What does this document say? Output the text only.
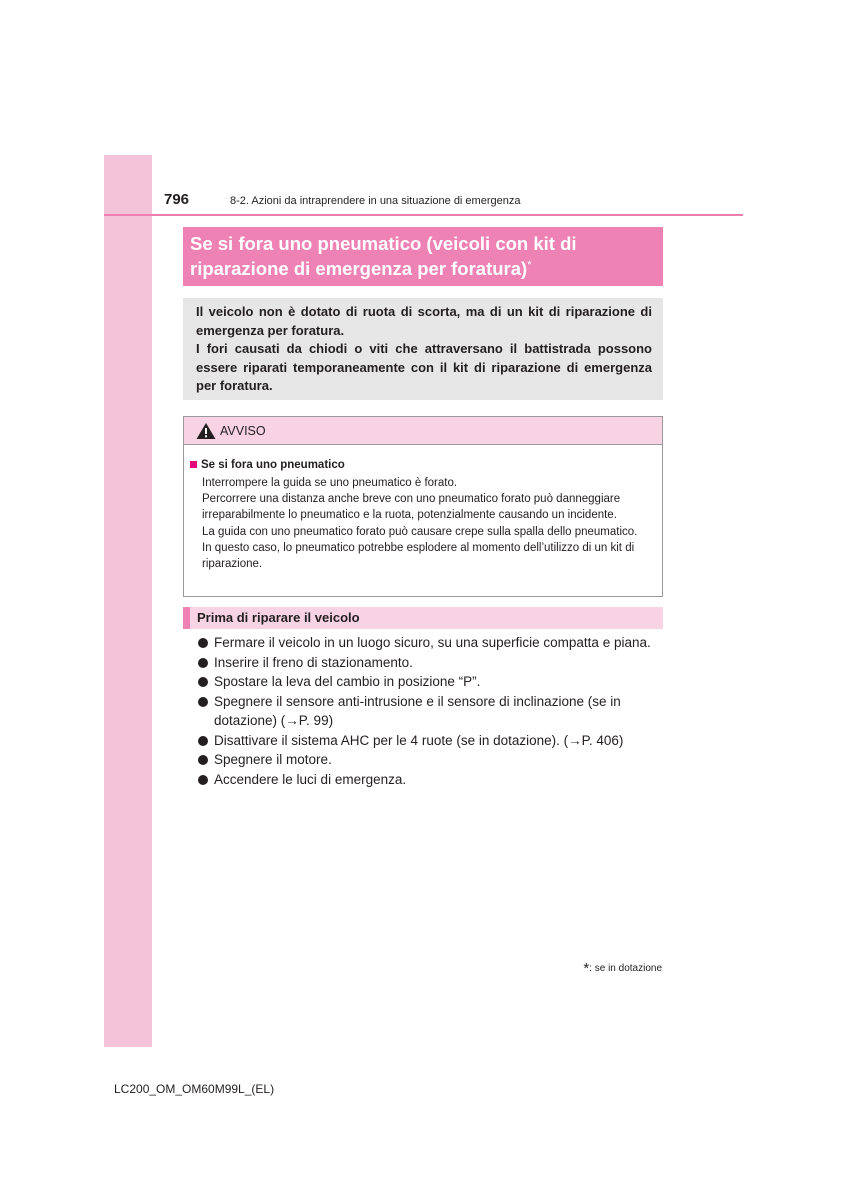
796	8-2. Azioni da intraprendere in una situazione di emergenza
Se si fora uno pneumatico (veicoli con kit di
riparazione di emergenza per foratura)*

Il veicolo non è dotato di ruota di scorta, ma di un kit di riparazione di emergenza per foratura.

I fori causati da chiodi o viti che attraversano il battistrada possono essere riparati temporaneamente con il kit di riparazione di emergenza per foratura.

AVVISO
Se si fora uno pneumatico

Interrompere la guida se uno pneumatico è forato.

Percorrere una distanza anche breve con uno pneumatico forato può danneggiare irreparabilmente lo pneumatico e la ruota, potenzialmente causando un incidente.

La guida con uno pneumatico forato può causare crepe sulla spalla dello pneumatico.

In questo caso, lo pneumatico potrebbe esplodere al momento dell’utilizzo di un kit di riparazione.

Prima di riparare il veicolo
Fermare il veicolo in un luogo sicuro, su una superficie compatta e piana.
Inserire il freno di stazionamento.
Spostare la leva del cambio in posizione “P”.
Spegnere il sensore anti-intrusione e il sensore di inclinazione (se in dotazione) (→P. 99)
Disattivare il sistema AHC per le 4 ruote (se in dotazione). (→P. 406)
Spegnere il motore.
Accendere le luci di emergenza.
*: se in dotazione
LC200_OM_OM60M99L_(EL)
